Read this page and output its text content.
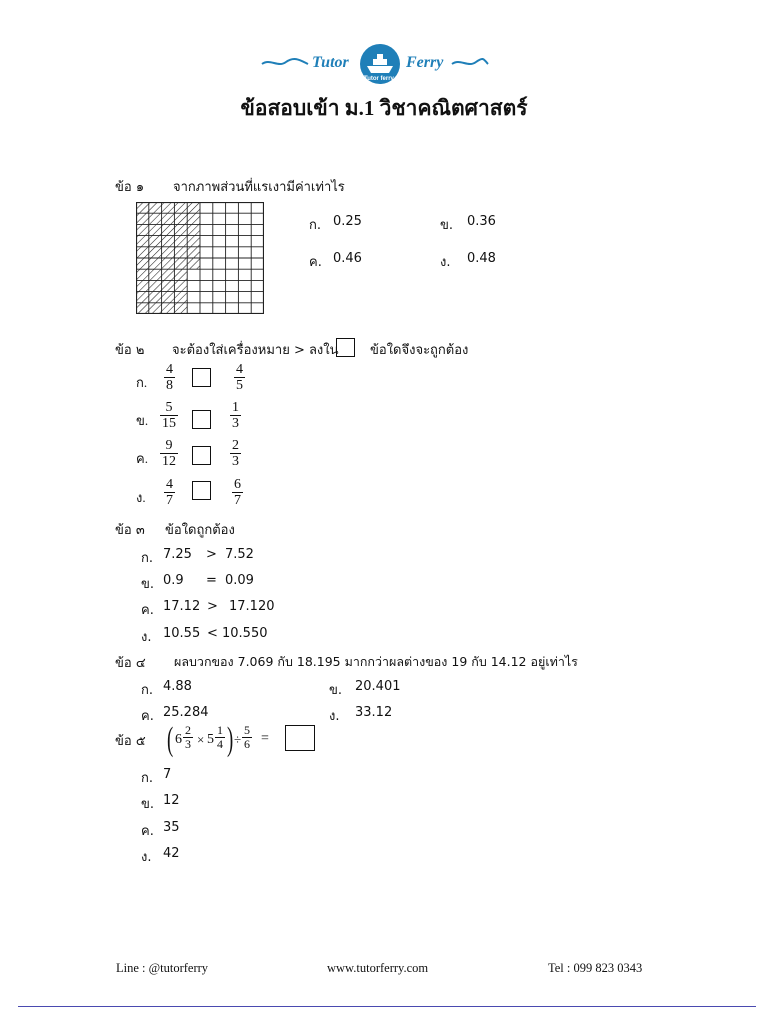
Tutor
Tutor ferry
Ferry
ข้อสอบเข้า ม.1 วิชาคณิตศาสตร์
ข้อ ๑ จากภาพส่วนที่แรเงามีค่าเท่าไร
ก. 0.25	ข. 0.36
ค. 0.46	ง. 0.48
ข้อ ๒ จะต้องใส่เครื่องหมาย > ลงใน ข้อใดจึงจะถูกต้อง
ก. $\frac{4}{8}$	$\frac{4}{5}$
ข. $\frac{5}{15}$	$\frac{1}{3}$
ค. $\frac{9}{12}$	$\frac{2}{3}$
ง. $\frac{4}{7}$	$\frac{6}{7}$
ข้อ ๓ ข้อใดถูกต้อง
ก. 7.25 > 7.52
ข. 0.9 = 0.09
ค. 17.12 > 17.120
ง. 10.55 < 10.550
ข้อ ๔ ผลบวกของ 7.069 กับ 18.195 มากกว่าผลต่างของ 19 กับ 14.12 อยู่เท่าไร
ก. 4.88	ข. 20.401
ค. 25.284	ง. 33.12
ข้อ ๕ ( $6 \frac{2}{3} \times 5 \frac{1}{4}$ ) ÷ $\frac{5}{6}$ =
ก. 7
ข. 12
ค. 35
ง. 42
Line : @tutorferry	www.tutorferry.com	Tel : 099 823 0343
